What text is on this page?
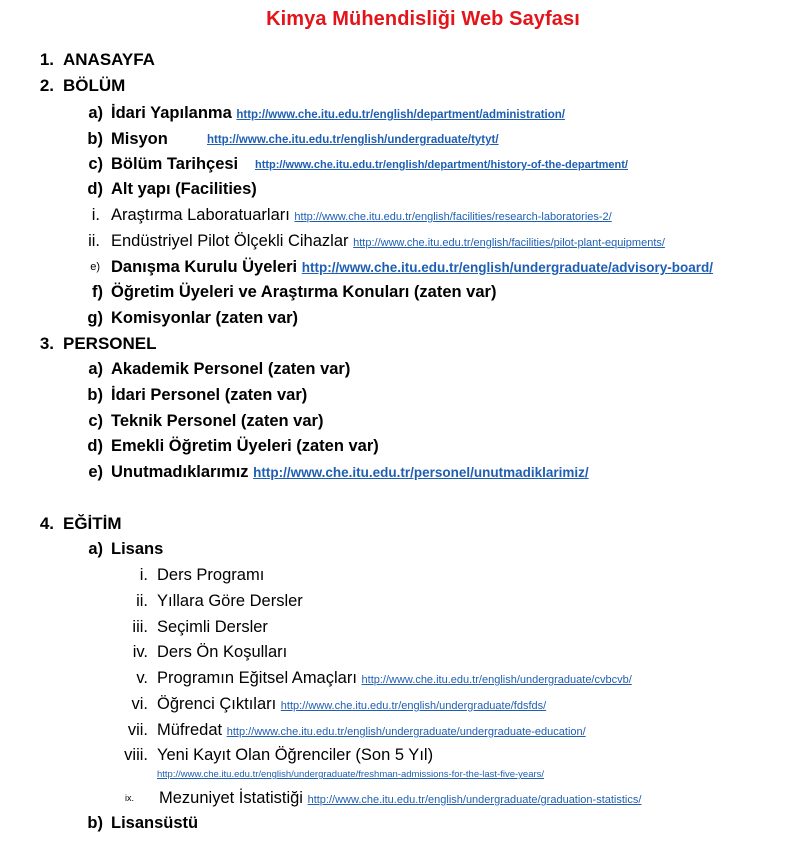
Kimya Mühendisliği Web Sayfası
1. ANASAYFA
2. BÖLÜM
a) İdari Yapılanma http://www.che.itu.edu.tr/english/department/administration/
b) Misyon	http://www.che.itu.edu.tr/english/undergraduate/tytyt/
c) Bölüm Tarihçesi http://www.che.itu.edu.tr/english/department/history-of-the-department/
d) Alt yapı (Facilities)
i. Araştırma Laboratuarları http://www.che.itu.edu.tr/english/facilities/research-laboratories-2/
ii. Endüstriyel Pilot Ölçekli Cihazlar http://www.che.itu.edu.tr/english/facilities/pilot-plant-equipments/
e) Danışma Kurulu Üyeleri http://www.che.itu.edu.tr/english/undergraduate/advisory-board/
f) Öğretim Üyeleri ve Araştırma Konuları (zaten var)
g) Komisyonlar (zaten var)
3. PERSONEL
a) Akademik Personel (zaten var)
b) İdari Personel (zaten var)
c) Teknik Personel (zaten var)
d) Emekli Öğretim Üyeleri (zaten var)
e) Unutmadıklarımız http://www.che.itu.edu.tr/personel/unutmadiklarimiz/
4. EĞİTİM
a) Lisans
i. Ders Programı
ii. Yıllara Göre Dersler
iii. Seçimli Dersler
iv. Ders Ön Koşulları
v. Programın Eğitsel Amaçları http://www.che.itu.edu.tr/english/undergraduate/cvbcvb/
vi. Öğrenci Çıktıları http://www.che.itu.edu.tr/english/undergraduate/fdsfds/
vii. Müfredat http://www.che.itu.edu.tr/english/undergraduate/undergraduate-education/
viii. Yeni Kayıt Olan Öğrenciler (Son 5 Yıl)
http://www.che.itu.edu.tr/english/undergraduate/freshman-admissions-for-the-last-five-years/
ix. Mezuniyet İstatistiği http://www.che.itu.edu.tr/english/undergraduate/graduation-statistics/
b) Lisansüstü
